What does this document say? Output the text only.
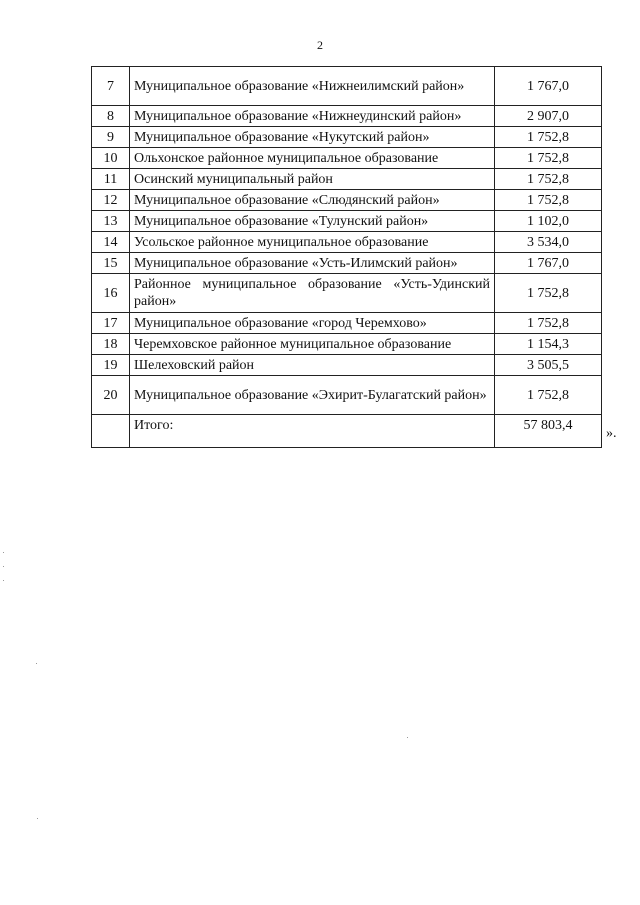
2
7	Муниципальное образование «Нижнеилимский район»	1 767,0
8	Муниципальное образование «Нижнеудинский район»	2 907,0
9	Муниципальное образование «Нукутский район»	1 752,8
10	Ольхонское районное муниципальное образование	1 752,8
11	Осинский муниципальный район	1 752,8
12	Муниципальное образование «Слюдянский район»	1 752,8
13	Муниципальное образование «Тулунский район»	1 102,0
14	Усольское районное муниципальное образование	3 534,0
15	Муниципальное образование «Усть-Илимский район»	1 767,0
16	Районное муниципальное образование «Усть-Удинский район»	1 752,8
17	Муниципальное образование «город Черемхово»	1 752,8
18	Черемховское районное муниципальное образование	1 154,3
19	Шелеховский район	3 505,5
20	Муниципальное образование «Эхирит-Булагатский район»	1 752,8
	Итого:	57 803,4
».
